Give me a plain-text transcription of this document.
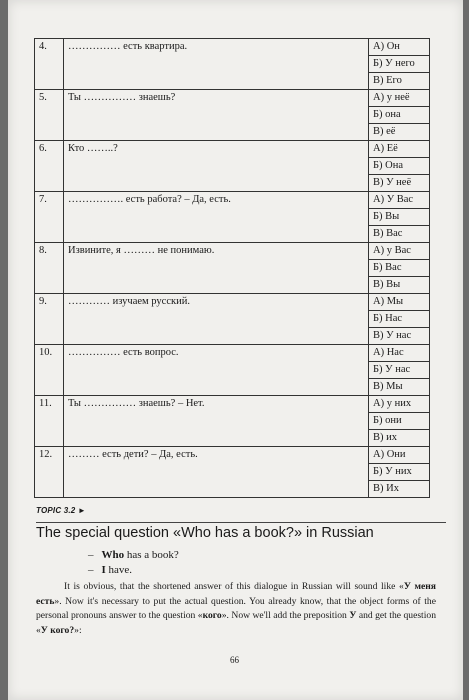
4.	…………… есть квартира.	А) Он
		Б) У него
		В) Его
5.	Ты …………… знаешь?	А) у неё
		Б) она
		В) её
6.	Кто ……..?	А) Её
		Б) Она
		В) У неё
7.	……………. есть работа? – Да, есть.	А) У Вас
		Б) Вы
		В) Вас
8.	Извините, я ……… не понимаю.	А) у Вас
		Б) Вас
		В) Вы
9.	………… изучаем русский.	А) Мы
		Б) Нас
		В) У нас
10.	…………… есть вопрос.	А) Нас
		Б) У нас
		В) Мы
11.	Ты …………… знаешь? – Нет.	А) у них
		Б) они
		В) их
12.	……… есть дети? – Да, есть.	А) Они
		Б) У них
		В) Их
TOPIC 3.2 ►
The special question «Who has a book?» in Russian
– Who has a book?
– I have.
It is obvious, that the shortened answer of this dialogue in Russian will sound like «У меня есть». Now it's necessary to put the actual question. You already know, that the object forms of the personal pronouns answer to the question «кого». Now we'll add the preposition У and get the question «У кого?»:
66
